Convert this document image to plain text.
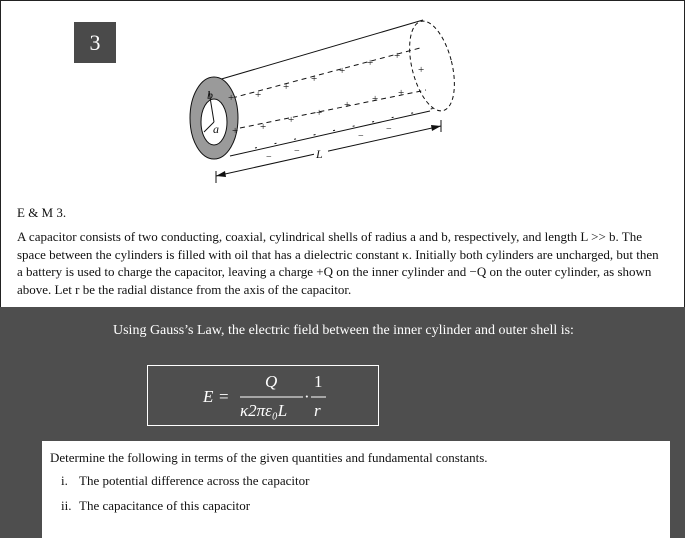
3
b
a
+
+
+
+
+
+
+
+
+
+
+
+ + +
+
−
−
−
−
L
E & M 3.

A capacitor consists of two conducting, coaxial, cylindrical shells of radius a and b, respectively, and length L >> b. The space between the cylinders is filled with oil that has a dielectric constant κ. Initially both cylinders are uncharged, but then a battery is used to charge the capacitor, leaving a charge +Q on the inner cylinder and −Q on the outer cylinder, as shown above. Let r be the radial distance from the axis of the capacitor.

Using Gauss’s Law, the electric field between the inner cylinder and outer shell is:
E =
Q
κ2πε₀L
·
1
r
Determine the following in terms of the given quantities and fundamental constants.
i. The potential difference across the capacitor
ii. The capacitance of this capacitor
